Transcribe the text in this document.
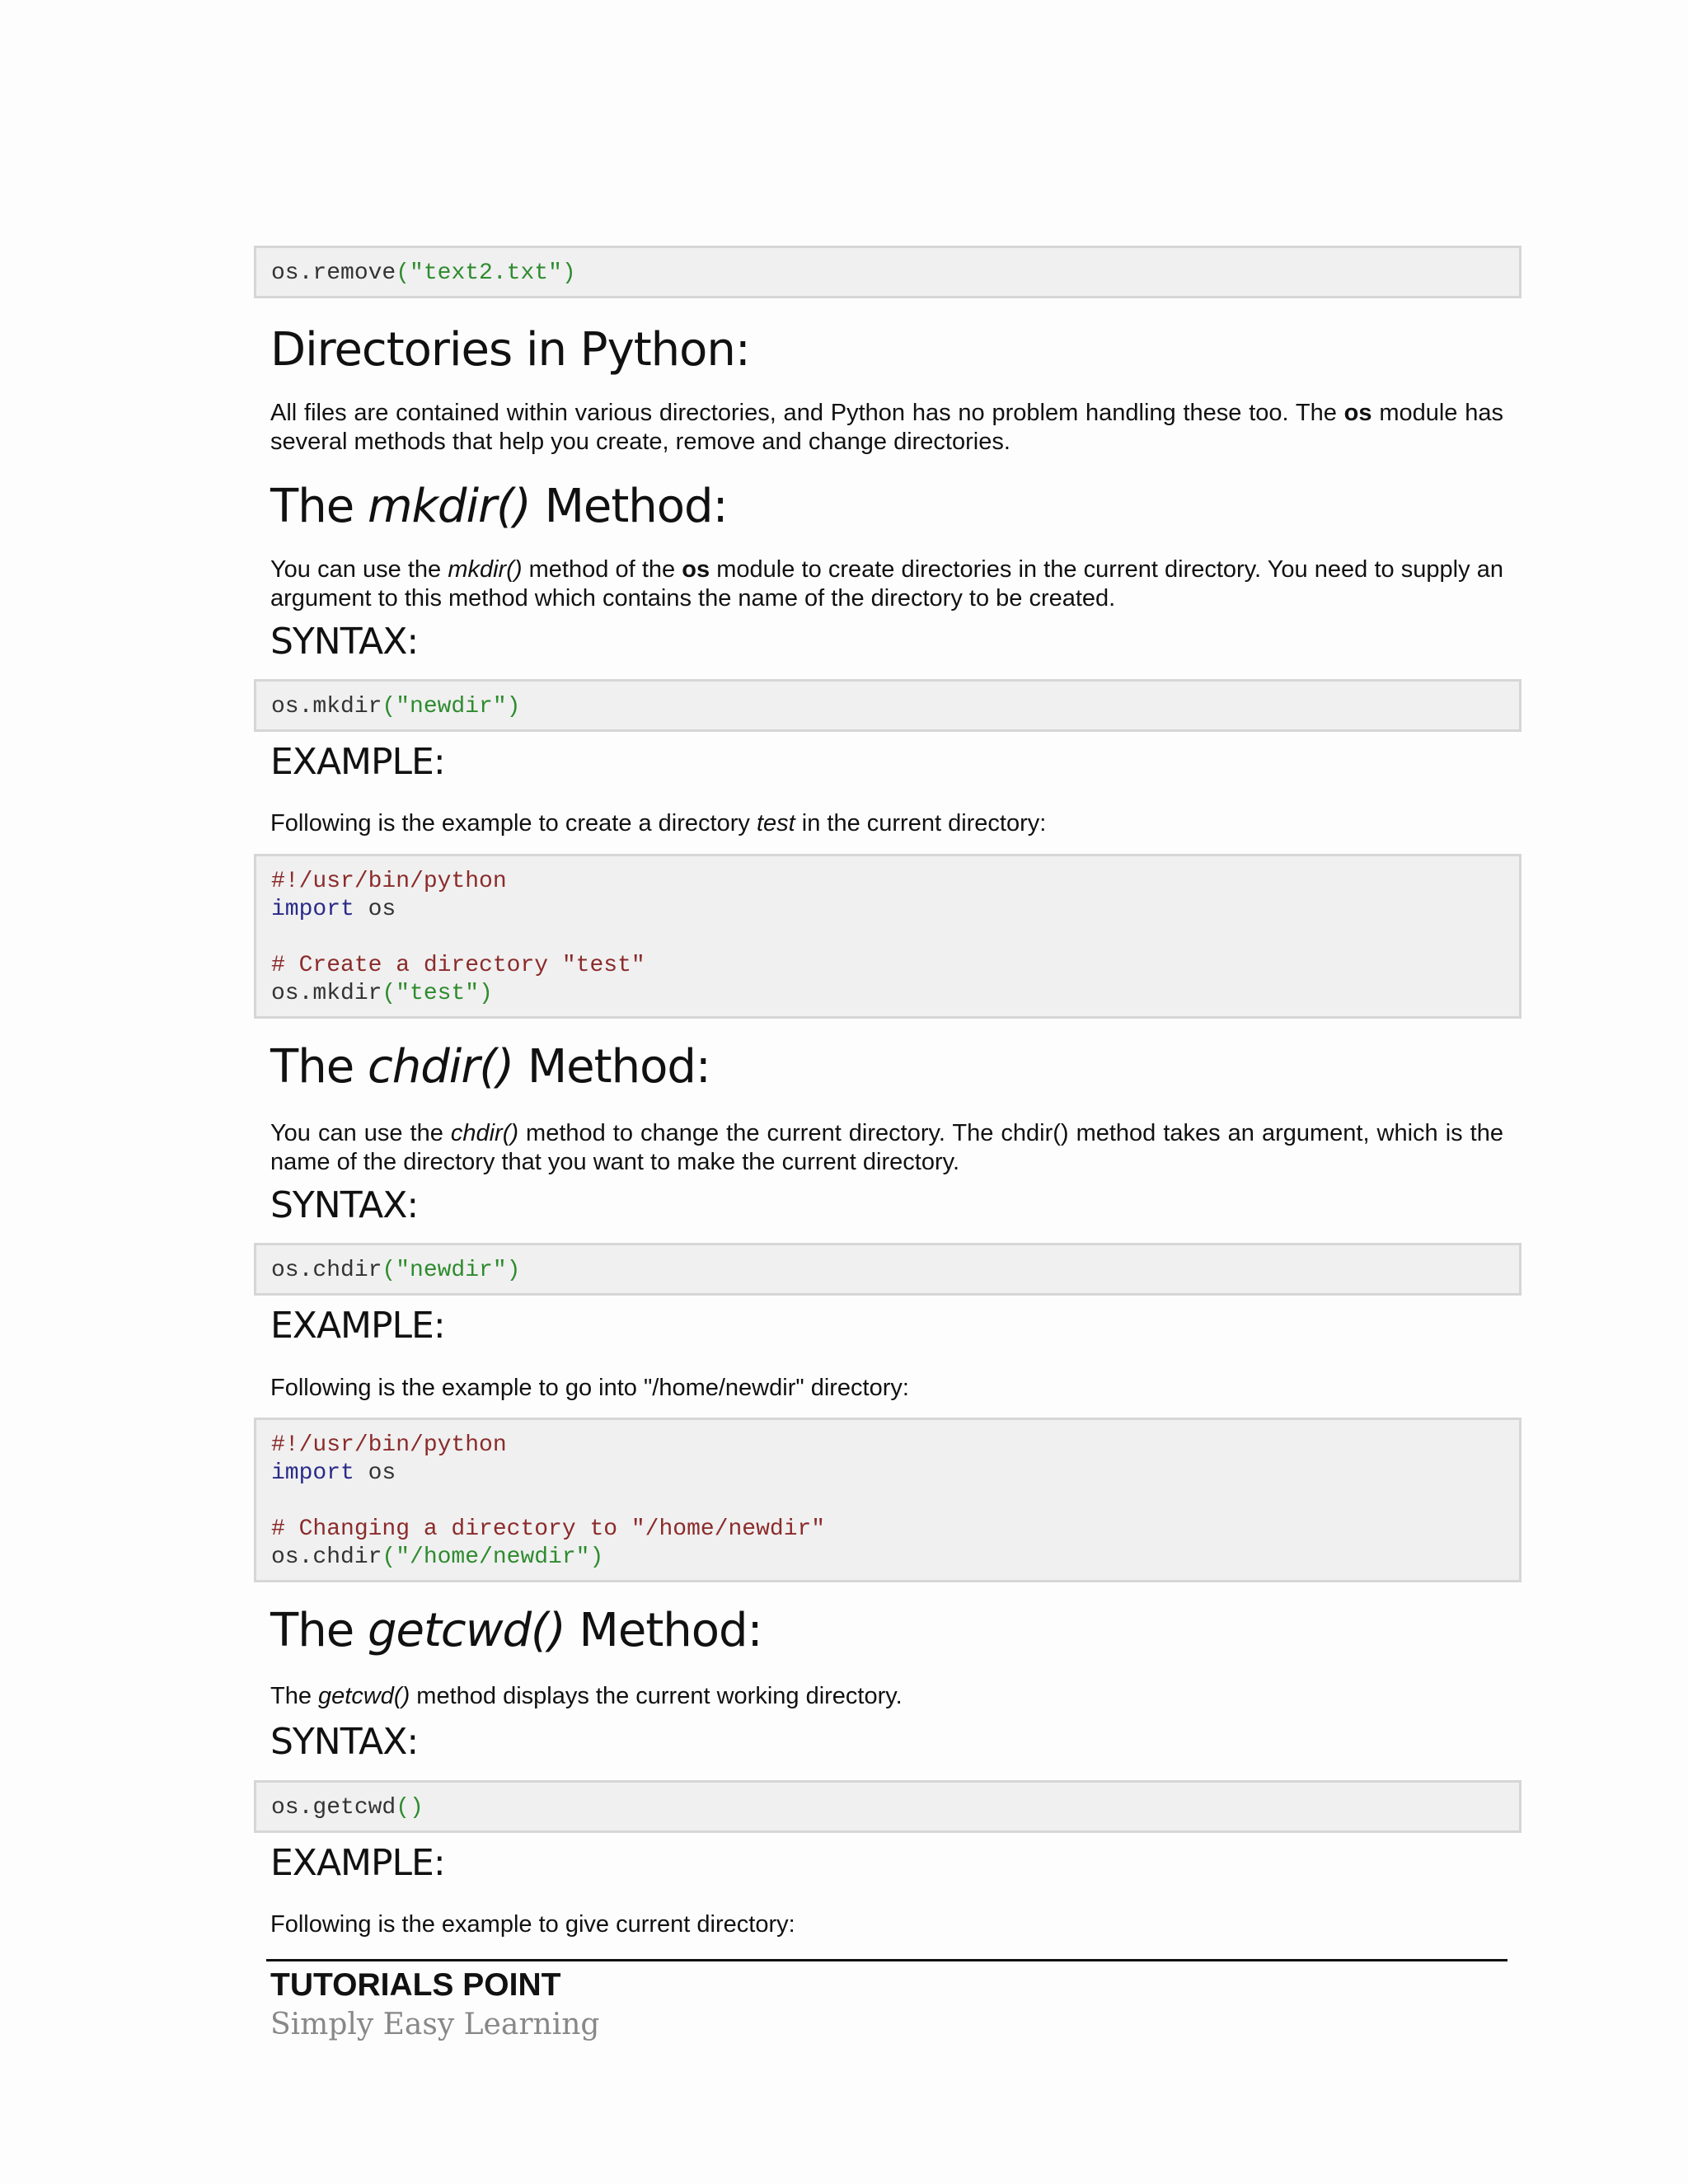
os.remove("text2.txt")
Directories in Python:
All files are contained within various directories, and Python has no problem handling these too. The os module has several methods that help you create, remove and change directories.
The mkdir() Method:
You can use the mkdir() method of the os module to create directories in the current directory. You need to supply an argument to this method which contains the name of the directory to be created.
SYNTAX:
os.mkdir("newdir")
EXAMPLE:
Following is the example to create a directory test in the current directory:
#!/usr/bin/python
import os
# Create a directory "test"
os.mkdir("test")
The chdir() Method:
You can use the chdir() method to change the current directory. The chdir() method takes an argument, which is the name of the directory that you want to make the current directory.
SYNTAX:
os.chdir("newdir")
EXAMPLE:
Following is the example to go into "/home/newdir" directory:
#!/usr/bin/python
import os
# Changing a directory to "/home/newdir"
os.chdir("/home/newdir")
The getcwd() Method:
The getcwd() method displays the current working directory.
SYNTAX:
os.getcwd()
EXAMPLE:
Following is the example to give current directory:
TUTORIALS POINT
Simply Easy Learning
